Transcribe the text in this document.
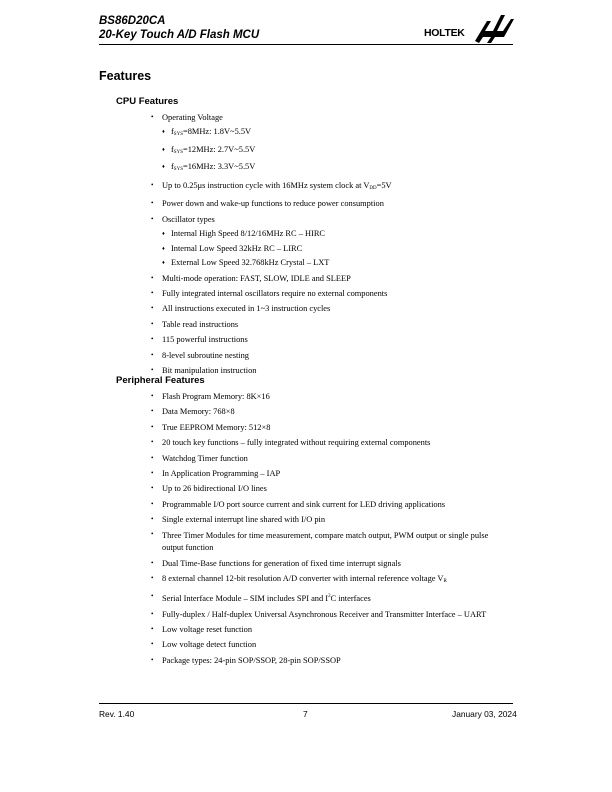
BS86D20CA
20-Key Touch A/D Flash MCU	HOLTEK
Features
CPU Features
• Operating Voltage
♦ $f_{SYS}=8MHz$: 1.8V~5.5V
♦ $f_{SYS}=12MHz$: 2.7V~5.5V
♦ $f_{SYS}=16MHz$: 3.3V~5.5V
• Up to 0.25μs instruction cycle with 16MHz system clock at $V_{DD}=5V$
• Power down and wake-up functions to reduce power consumption
• Oscillator types
♦ Internal High Speed 8/12/16MHz RC – HIRC
♦ Internal Low Speed 32kHz RC – LIRC
♦ External Low Speed 32.768kHz Crystal – LXT
• Multi-mode operation: FAST, SLOW, IDLE and SLEEP
• Fully integrated internal oscillators require no external components
• All instructions executed in 1~3 instruction cycles
• Table read instructions
• 115 powerful instructions
• 8-level subroutine nesting
• Bit manipulation instruction
Peripheral Features
• Flash Program Memory: 8K×16
• Data Memory: 768×8
• True EEPROM Memory: 512×8
• 20 touch key functions – fully integrated without requiring external components
• Watchdog Timer function
• In Application Programming – IAP
• Up to 26 bidirectional I/O lines
• Programmable I/O port source current and sink current for LED driving applications
• Single external interrupt line shared with I/O pin
• Three Timer Modules for time measurement, compare match output, PWM output or single pulse
output function
• Dual Time-Base functions for generation of fixed time interrupt signals
• 8 external channel 12-bit resolution A/D converter with internal reference voltage $V_R$
• Serial Interface Module – SIM includes SPI and $I^2C$ interfaces
• Fully-duplex / Half-duplex Universal Asynchronous Receiver and Transmitter Interface – UART
• Low voltage reset function
• Low voltage detect function
• Package types: 24-pin SOP/SSOP, 28-pin SOP/SSOP
Rev. 1.40	7	January 03, 2024
